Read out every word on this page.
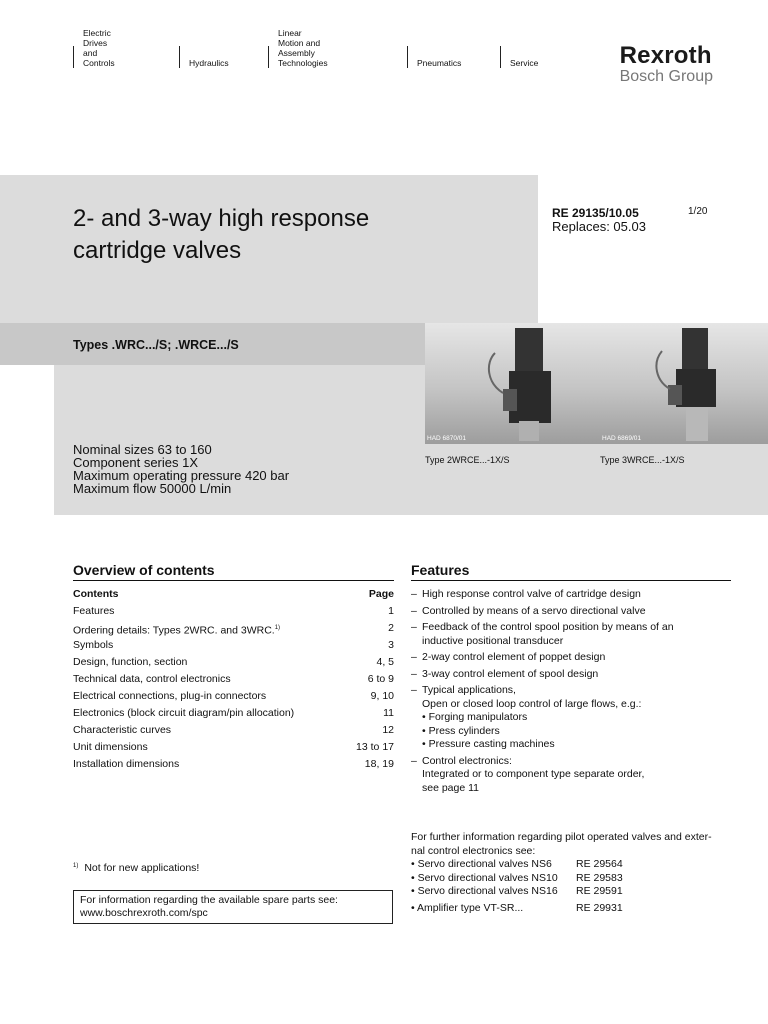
Electric Drives
and Controls	Hydraulics
Linear Motion and
Assembly Technologies	Pneumatics	Service	Rexroth
Bosch Group
2- and 3-way high response
cartridge valves
RE 29135/10.05
Replaces: 05.03
1/20
Types .WRC.../S; .WRCE.../S
Nominal sizes 63 to 160
Component series 1X
Maximum operating pressure 420 bar
Maximum flow 50000 L/min
HAD 6870/01	HAD 6869/01
Type 2WRCE...-1X/S	Type 3WRCE...-1X/S
Overview of contents
Contents	Page
Features	1
Ordering details: Types 2WRC. and 3WRC.$^{1)}$	2
Symbols	3
Design, function, section	4, 5
Technical data, control electronics	6 to 9
Electrical connections, plug-in connectors	9, 10
Electronics (block circuit diagram/pin allocation)	11
Characteristic curves	12
Unit dimensions	13 to 17
Installation dimensions	18, 19
Features
– High response control valve of cartridge design
– Controlled by means of a servo directional valve
– Feedback of the control spool position by means of an
inductive positional transducer
– 2-way control element of poppet design
– 3-way control element of spool design
– Typical applications,
Open or closed loop control of large flows, e.g.:
• Forging manipulators
• Press cylinders
• Pressure casting machines
– Control electronics:
Integrated or to component type separate order,
see page 11
$^{1)}$ Not for new applications!
For information regarding the available spare parts see:
www.boschrexroth.com/spc
For further information regarding pilot operated valves and exter-
nal control electronics see:
• Servo directional valves NS6	RE 29564
• Servo directional valves NS10	RE 29583
• Servo directional valves NS16	RE 29591
• Amplifier type VT-SR...	RE 29931
